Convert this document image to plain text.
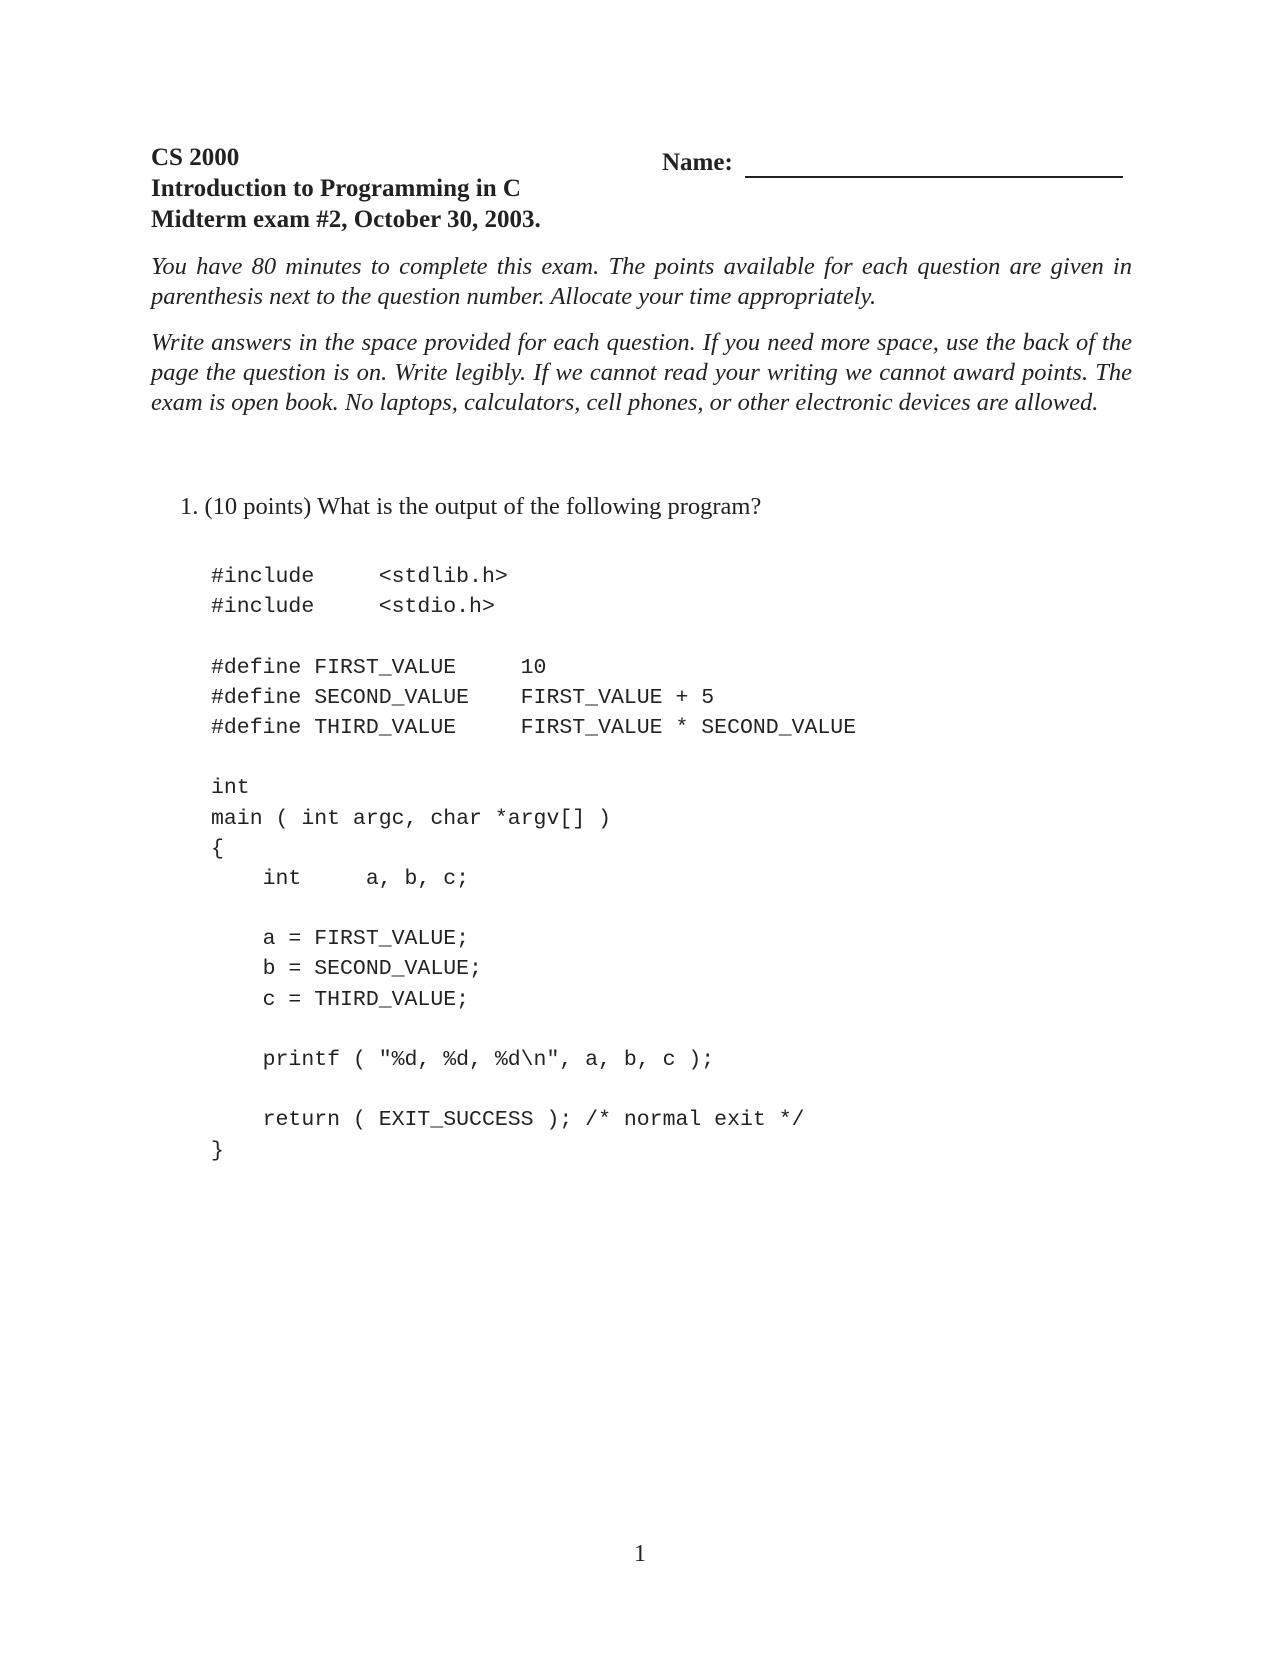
CS 2000
Introduction to Programming in C
Midterm exam #2, October 30, 2003.
Name:

You have 80 minutes to complete this exam. The points available for each question are given in parenthesis next to the question number. Allocate your time appropriately.

Write answers in the space provided for each question. If you need more space, use the back of the page the question is on. Write legibly. If we cannot read your writing we cannot award points. The exam is open book. No laptops, calculators, cell phones, or other electronic devices are allowed.

1. (10 points) What is the output of the following program?
#include     <stdlib.h>
#include     <stdio.h>
#define FIRST_VALUE     10
#define SECOND_VALUE    FIRST_VALUE + 5
#define THIRD_VALUE     FIRST_VALUE * SECOND_VALUE
int
main ( int argc, char *argv[] )
{
int     a, b, c;
a = FIRST_VALUE;
b = SECOND_VALUE;
c = THIRD_VALUE;
printf ( "%d, %d, %d\n", a, b, c );
return ( EXIT_SUCCESS ); /* normal exit */
}
1
